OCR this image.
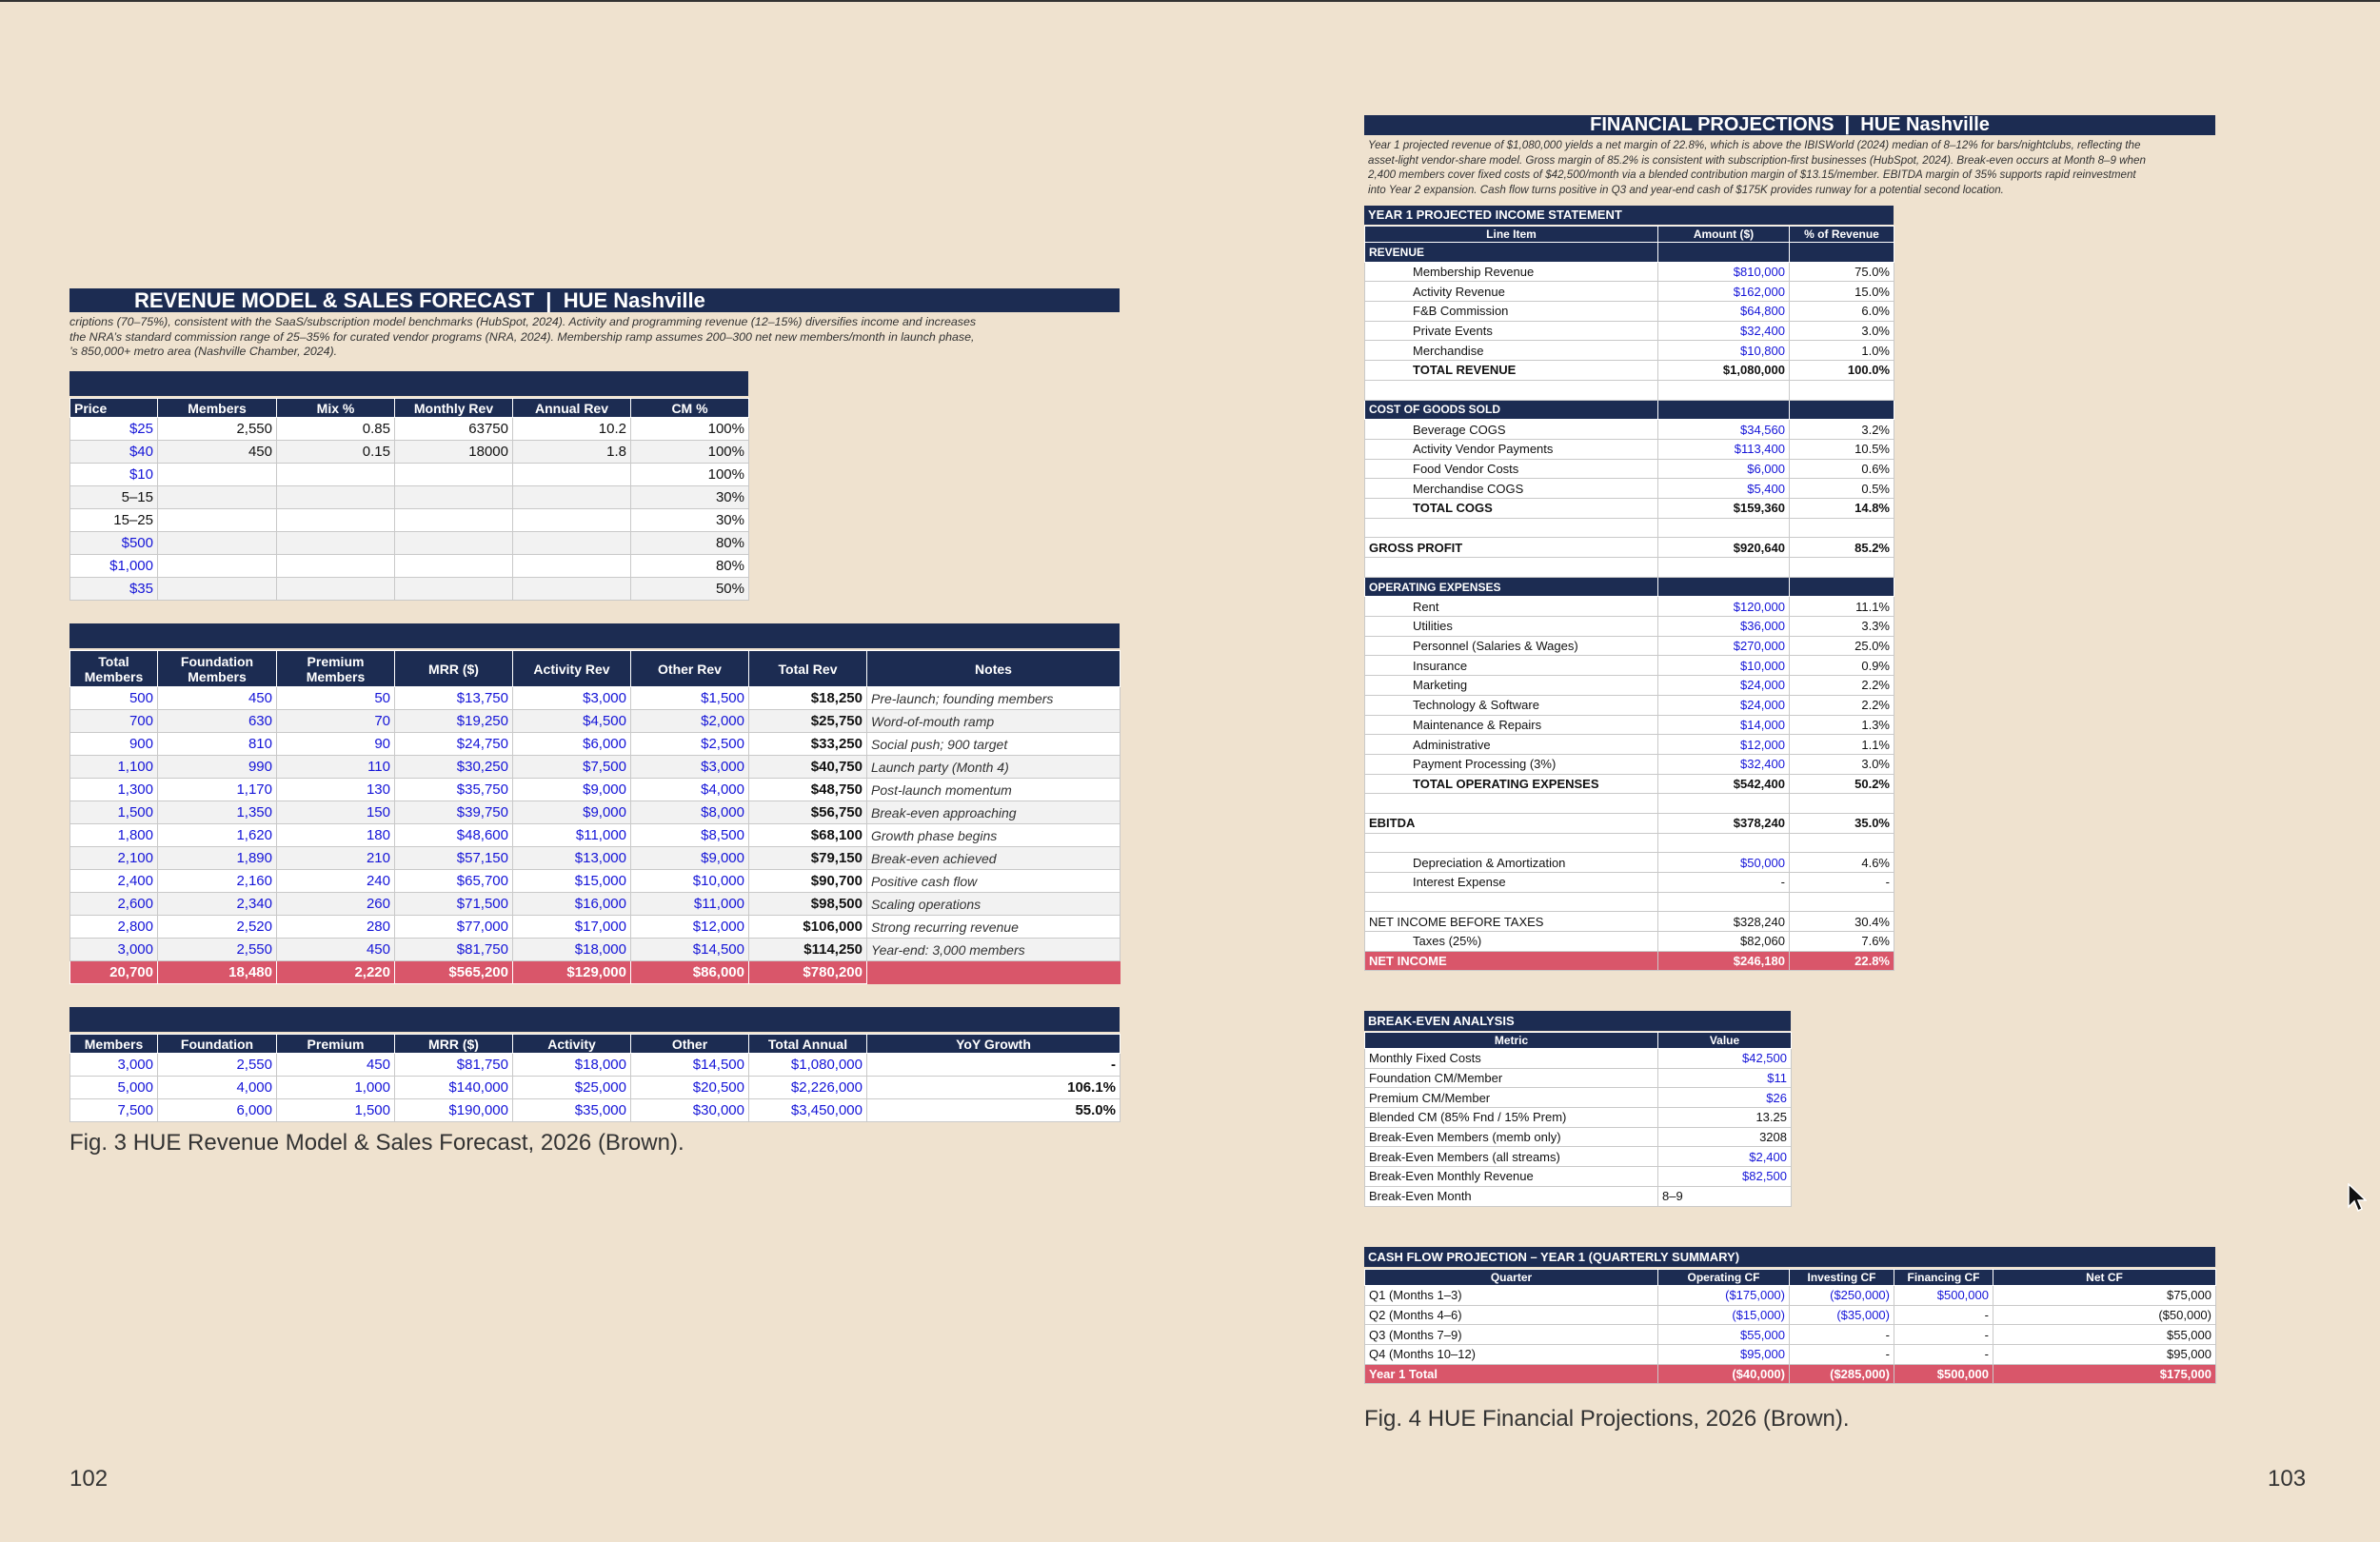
REVENUE MODEL & SALES FORECAST  |  HUE Nashville
criptions (70–75%), consistent with the SaaS/subscription model benchmarks (HubSpot, 2024). Activity and programming revenue (12–15%) diversifies income and increases
the NRA’s standard commission range of 25–35% for curated vendor programs (NRA, 2024). Membership ramp assumes 200–300 net new members/month in launch phase,
’s 850,000+ metro area (Nashville Chamber, 2024).
Price	Members	Mix %	Monthly Rev	Annual Rev	CM %
$25	2,550	0.85	63750	10.2	100%
$40	450	0.15	18000	1.8	100%
$10					100%
5–15					30%
15–25					30%
$500					80%
$1,000					80%
$35					50%
Total Members	Foundation Members	Premium Members	MRR ($)	Activity Rev	Other Rev	Total Rev	Notes
500	450	50	$13,750	$3,000	$1,500	$18,250	Pre-launch; founding members
700	630	70	$19,250	$4,500	$2,000	$25,750	Word-of-mouth ramp
900	810	90	$24,750	$6,000	$2,500	$33,250	Social push; 900 target
1,100	990	110	$30,250	$7,500	$3,000	$40,750	Launch party (Month 4)
1,300	1,170	130	$35,750	$9,000	$4,000	$48,750	Post-launch momentum
1,500	1,350	150	$39,750	$9,000	$8,000	$56,750	Break-even approaching
1,800	1,620	180	$48,600	$11,000	$8,500	$68,100	Growth phase begins
2,100	1,890	210	$57,150	$13,000	$9,000	$79,150	Break-even achieved
2,400	2,160	240	$65,700	$15,000	$10,000	$90,700	Positive cash flow
2,600	2,340	260	$71,500	$16,000	$11,000	$98,500	Scaling operations
2,800	2,520	280	$77,000	$17,000	$12,000	$106,000	Strong recurring revenue
3,000	2,550	450	$81,750	$18,000	$14,500	$114,250	Year-end: 3,000 members
20,700	18,480	2,220	$565,200	$129,000	$86,000	$780,200	
Members	Foundation	Premium	MRR ($)	Activity	Other	Total Annual	YoY Growth
3,000	2,550	450	$81,750	$18,000	$14,500	$1,080,000	-
5,000	4,000	1,000	$140,000	$25,000	$20,500	$2,226,000	106.1%
7,500	6,000	1,500	$190,000	$35,000	$30,000	$3,450,000	55.0%
Fig. 3 HUE Revenue Model & Sales Forecast, 2026 (Brown).
102
FINANCIAL PROJECTIONS  |  HUE Nashville
Year 1 projected revenue of $1,080,000 yields a net margin of 22.8%, which is above the IBISWorld (2024) median of 8–12% for bars/nightclubs, reflecting the
asset-light vendor-share model. Gross margin of 85.2% is consistent with subscription-first businesses (HubSpot, 2024). Break-even occurs at Month 8–9 when
2,400 members cover fixed costs of $42,500/month via a blended contribution margin of $13.15/member. EBITDA margin of 35% supports rapid reinvestment
into Year 2 expansion. Cash flow turns positive in Q3 and year-end cash of $175K provides runway for a potential second location.
YEAR 1 PROJECTED INCOME STATEMENT
Line Item	Amount ($)	% of Revenue
REVENUE		
Membership Revenue	$810,000	75.0%
Activity Revenue	$162,000	15.0%
F&B Commission	$64,800	6.0%
Private Events	$32,400	3.0%
Merchandise	$10,800	1.0%
TOTAL REVENUE	$1,080,000	100.0%

COST OF GOODS SOLD		
Beverage COGS	$34,560	3.2%
Activity Vendor Payments	$113,400	10.5%
Food Vendor Costs	$6,000	0.6%
Merchandise COGS	$5,400	0.5%
TOTAL COGS	$159,360	14.8%

GROSS PROFIT	$920,640	85.2%

OPERATING EXPENSES		
Rent	$120,000	11.1%
Utilities	$36,000	3.3%
Personnel (Salaries & Wages)	$270,000	25.0%
Insurance	$10,000	0.9%
Marketing	$24,000	2.2%
Technology & Software	$24,000	2.2%
Maintenance & Repairs	$14,000	1.3%
Administrative	$12,000	1.1%
Payment Processing (3%)	$32,400	3.0%
TOTAL OPERATING EXPENSES	$542,400	50.2%

EBITDA	$378,240	35.0%

Depreciation & Amortization	$50,000	4.6%
Interest Expense	-	-

NET INCOME BEFORE TAXES	$328,240	30.4%
Taxes (25%)	$82,060	7.6%
NET INCOME	$246,180	22.8%
BREAK-EVEN ANALYSIS
Metric	Value
Monthly Fixed Costs	$42,500
Foundation CM/Member	$11
Premium CM/Member	$26
Blended CM (85% Fnd / 15% Prem)	13.25
Break-Even Members (memb only)	3208
Break-Even Members (all streams)	$2,400
Break-Even Monthly Revenue	$82,500
Break-Even Month	8–9
CASH FLOW PROJECTION – YEAR 1 (QUARTERLY SUMMARY)
Quarter	Operating CF	Investing CF	Financing CF	Net CF
Q1 (Months 1–3)	($175,000)	($250,000)	$500,000	$75,000
Q2 (Months 4–6)	($15,000)	($35,000)	-	($50,000)
Q3 (Months 7–9)	$55,000	-	-	$55,000
Q4 (Months 10–12)	$95,000	-	-	$95,000
Year 1 Total	($40,000)	($285,000)	$500,000	$175,000
Fig. 4 HUE Financial Projections, 2026 (Brown).
103
